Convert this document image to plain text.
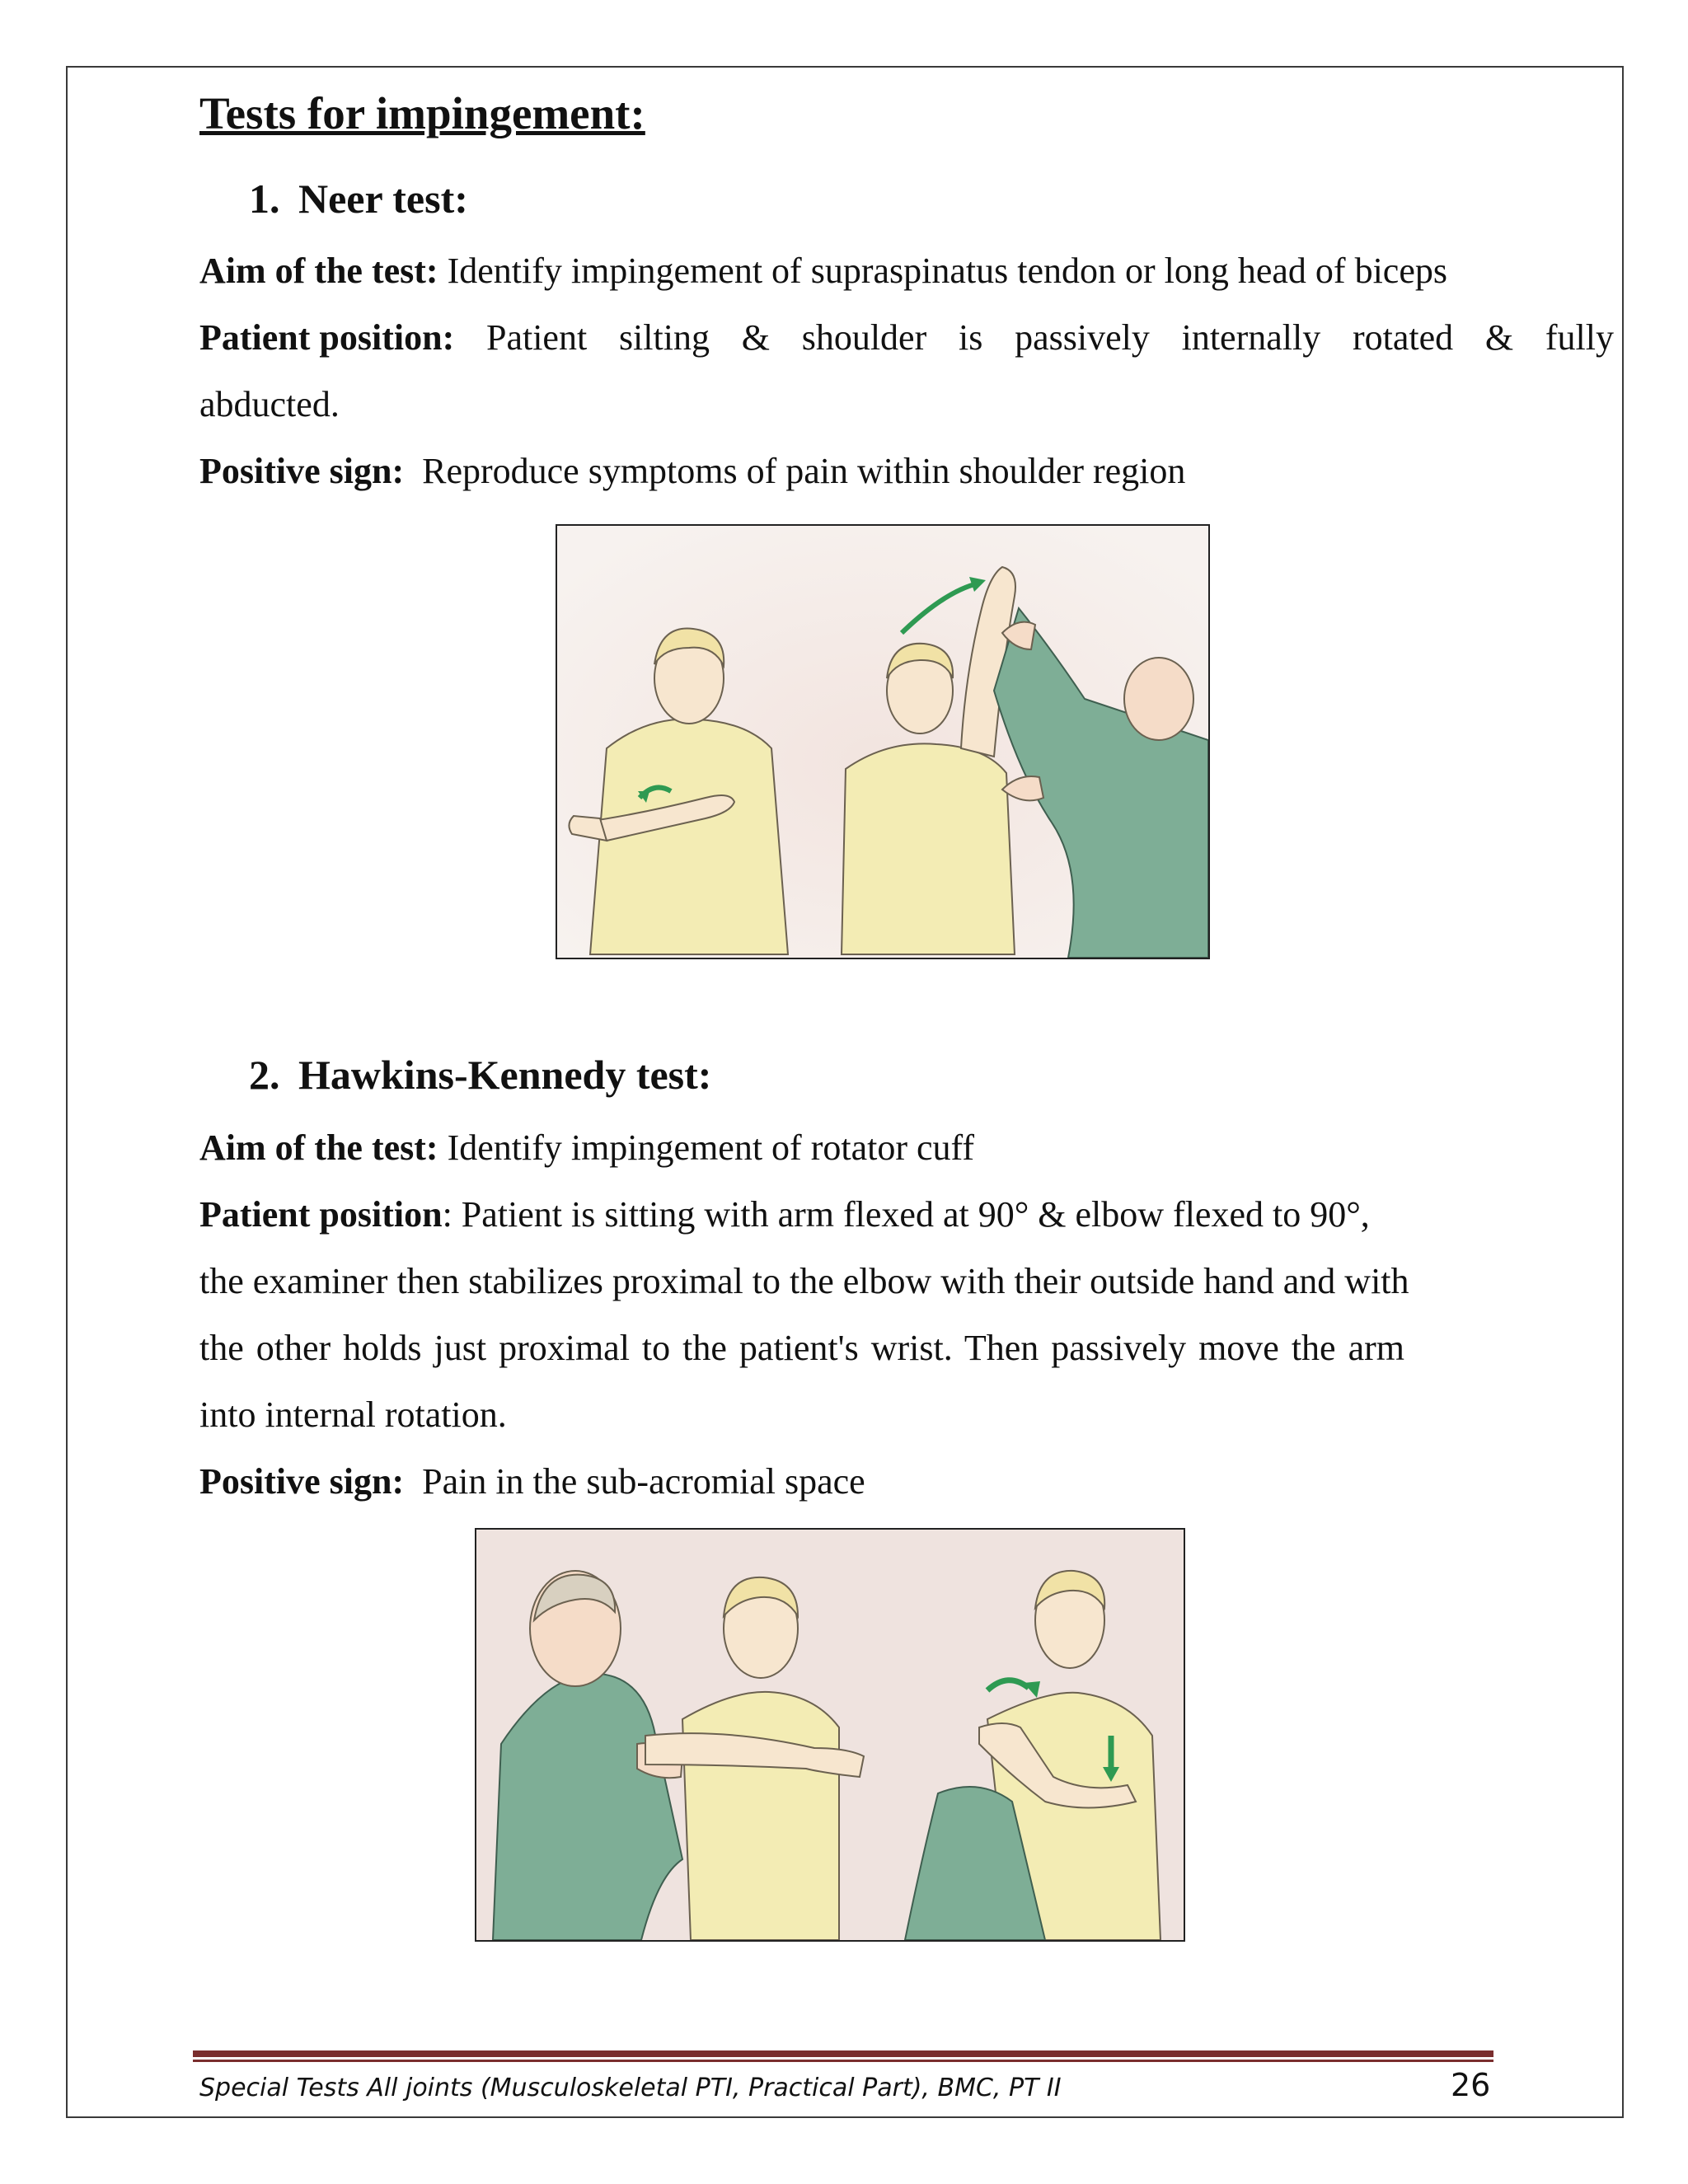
Tests for impingement:
1. Neer test:
Aim of the test: Identify impingement of supraspinatus tendon or long head of biceps
Patient position: Patient silting & shoulder is passively internally rotated & fully
abducted.
Positive sign: Reproduce symptoms of pain within shoulder region
2. Hawkins-Kennedy test:
Aim of the test: Identify impingement of rotator cuff
Patient position: Patient is sitting with arm flexed at 90° & elbow flexed to 90°,
the examiner then stabilizes proximal to the elbow with their outside hand and with
the other holds just proximal to the patient's wrist. Then passively move the arm
into internal rotation.
Positive sign: Pain in the sub-acromial space
Special Tests All joints (Musculoskeletal PTI, Practical Part), BMC, PT II	26
